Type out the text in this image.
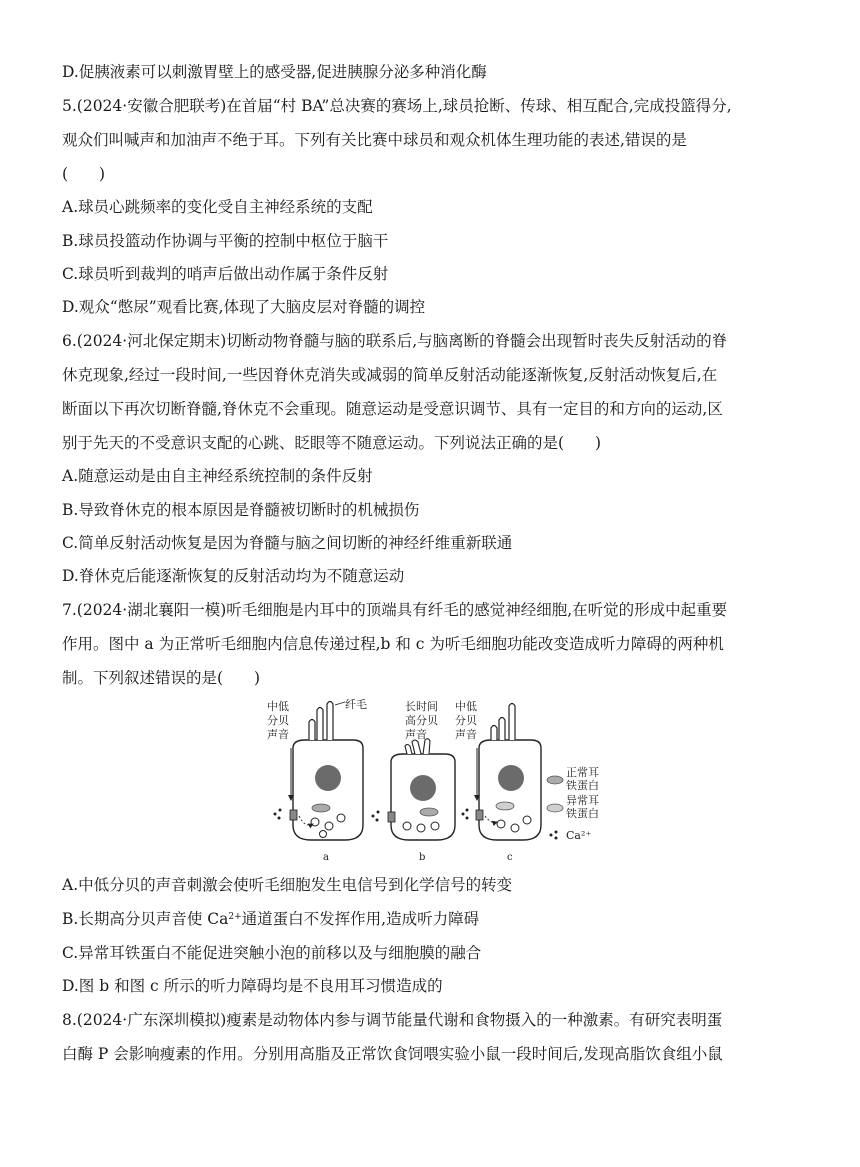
D.促胰液素可以刺激胃壁上的感受器,促进胰腺分泌多种消化酶
5.(2024·安徽合肥联考)在首届“村 BA”总决赛的赛场上,球员抢断、传球、相互配合,完成投篮得分,
观众们叫喊声和加油声不绝于耳。下列有关比赛中球员和观众机体生理功能的表述,错误的是
(　　)
A.球员心跳频率的变化受自主神经系统的支配
B.球员投篮动作协调与平衡的控制中枢位于脑干
C.球员听到裁判的哨声后做出动作属于条件反射
D.观众“憋尿”观看比赛,体现了大脑皮层对脊髓的调控
6.(2024·河北保定期末)切断动物脊髓与脑的联系后,与脑离断的脊髓会出现暂时丧失反射活动的脊
休克现象,经过一段时间,一些因脊休克消失或减弱的简单反射活动能逐渐恢复,反射活动恢复后,在
断面以下再次切断脊髓,脊休克不会重现。随意运动是受意识调节、具有一定目的和方向的运动,区
别于先天的不受意识支配的心跳、眨眼等不随意运动。下列说法正确的是(　　)
A.随意运动是由自主神经系统控制的条件反射
B.导致脊休克的根本原因是脊髓被切断时的机械损伤
C.简单反射活动恢复是因为脊髓与脑之间切断的神经纤维重新联通
D.脊休克后能逐渐恢复的反射活动均为不随意运动
7.(2024·湖北襄阳一模)听毛细胞是内耳中的顶端具有纤毛的感觉神经细胞,在听觉的形成中起重要
作用。图中 a 为正常听毛细胞内信息传递过程,b 和 c 为听毛细胞功能改变造成听力障碍的两种机
制。下列叙述错误的是(　　)
中低
分贝
声音
纤毛
a
长时间
高分贝
声音
b
中低
分贝
声音
c
正常耳
铁蛋白
异常耳
铁蛋白
Ca²⁺
A.中低分贝的声音刺激会使听毛细胞发生电信号到化学信号的转变
B.长期高分贝声音使 $Ca^{2+}$通道蛋白不发挥作用,造成听力障碍
C.异常耳铁蛋白不能促进突触小泡的前移以及与细胞膜的融合
D.图 b 和图 c 所示的听力障碍均是不良用耳习惯造成的
8.(2024·广东深圳模拟)瘦素是动物体内参与调节能量代谢和食物摄入的一种激素。有研究表明蛋
白酶 P 会影响瘦素的作用。分别用高脂及正常饮食饲喂实验小鼠一段时间后,发现高脂饮食组小鼠
